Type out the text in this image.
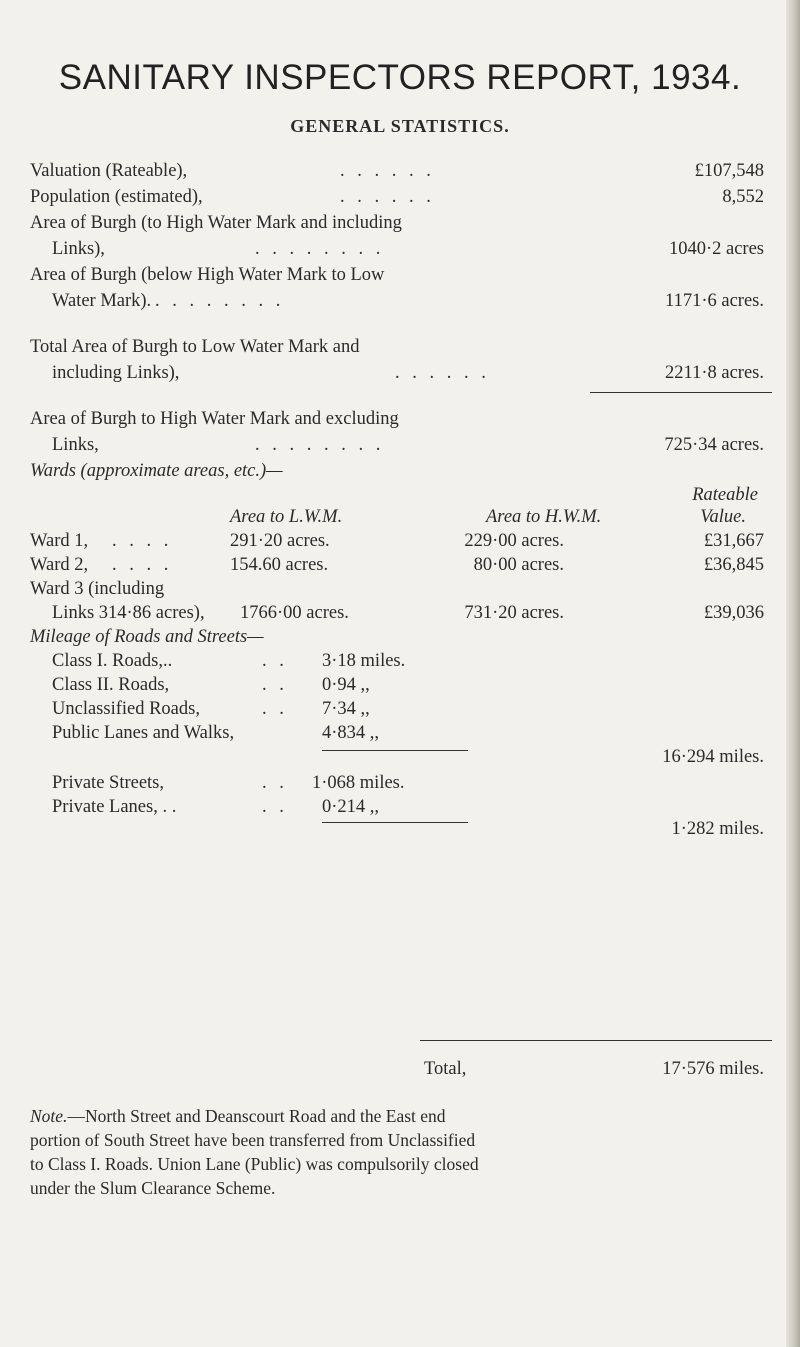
SANITARY INSPECTORS REPORT, 1934.
GENERAL STATISTICS.
Valuation (Rateable),	. . . . . .	£107,548
Population (estimated),	. . . . . .	8,552
Area of Burgh (to High Water Mark and including
Links),	. . . . . . . .	1040·2 acres
Area of Burgh (below High Water Mark to Low
Water Mark). . . . . . . . .	1171·6 acres.
Total Area of Burgh to Low Water Mark and
including Links),	. . . . . .	2211·8 acres.
Area of Burgh to High Water Mark and excluding
Links,	. . . . . . . .	725·34 acres.
Wards (approximate areas, etc.)—
Rateable
Area to L.W.M.	Area to H.W.M.	Value.
Ward 1, . . . .	291·20 acres.	229·00 acres.	£31,667
Ward 2, . . . .	154.60 acres.	80·00 acres.	£36,845
Ward 3 (including
Links 314·86 acres), 1766·00 acres.	731·20 acres.	£39,036
Mileage of Roads and Streets—
Class I. Roads,..	. . 3·18 miles.
Class II. Roads,	. . 0·94 ,,
Unclassified Roads,	. . 7·34 ,,
Public Lanes and Walks,	4·834 ,,
16·294 miles.
Private Streets,	. . 1·068 miles.
Private Lanes, . .	. . 0·214 ,,
1·282 miles.
Total,	17·576 miles.
Note.—North Street and Deanscourt Road and the East end
portion of South Street have been transferred from Unclassified
to Class I. Roads. Union Lane (Public) was compulsorily closed
under the Slum Clearance Scheme.
